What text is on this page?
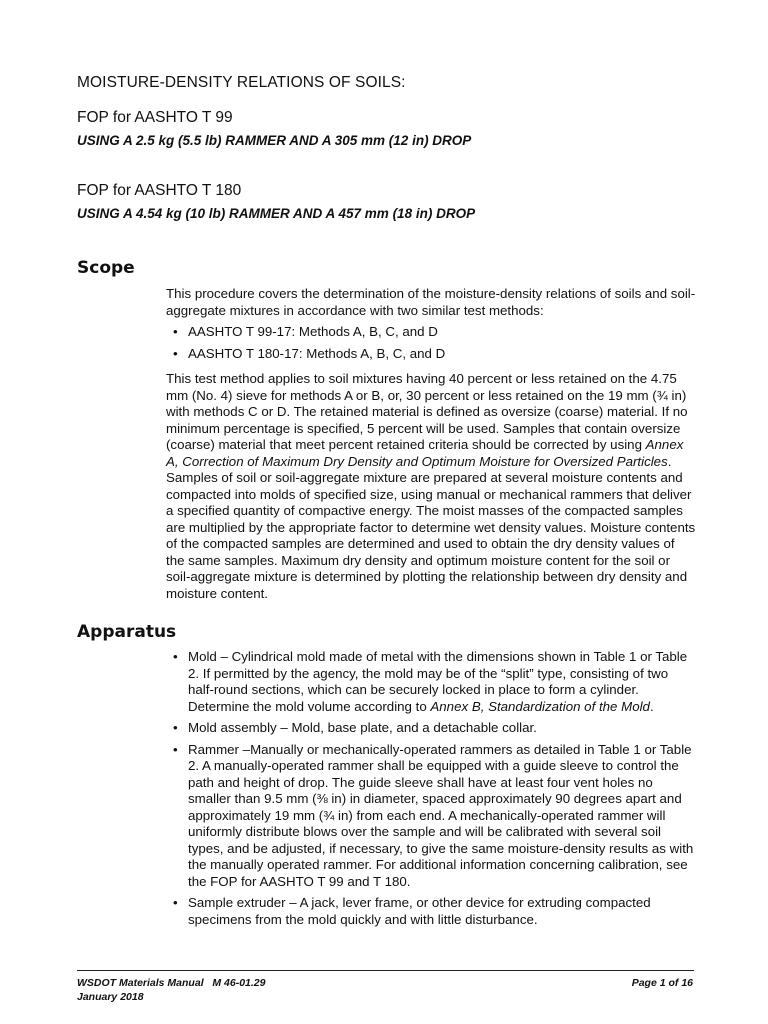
MOISTURE-DENSITY RELATIONS OF SOILS:
FOP for AASHTO T 99
USING A 2.5 kg (5.5 lb) RAMMER AND A 305 mm (12 in) DROP
FOP for AASHTO T 180
USING A 4.54 kg (10 lb) RAMMER AND A 457 mm (18 in) DROP
Scope

This procedure covers the determination of the moisture-density relations of soils and soil-aggregate mixtures in accordance with two similar test methods:

• AASHTO T 99-17: Methods A, B, C, and D
• AASHTO T 180-17: Methods A, B, C, and D

This test method applies to soil mixtures having 40 percent or less retained on the 4.75 mm (No. 4) sieve for methods A or B, or, 30 percent or less retained on the 19 mm (¾ in) with methods C or D. The retained material is defined as oversize (coarse) material. If no minimum percentage is specified, 5 percent will be used. Samples that contain oversize (coarse) material that meet percent retained criteria should be corrected by using Annex A, Correction of Maximum Dry Density and Optimum Moisture for Oversized Particles. Samples of soil or soil-aggregate mixture are prepared at several moisture contents and compacted into molds of specified size, using manual or mechanical rammers that deliver a specified quantity of compactive energy. The moist masses of the compacted samples are multiplied by the appropriate factor to determine wet density values. Moisture contents of the compacted samples are determined and used to obtain the dry density values of the same samples. Maximum dry density and optimum moisture content for the soil or soil-aggregate mixture is determined by plotting the relationship between dry density and moisture content.

Apparatus
• Mold – Cylindrical mold made of metal with the dimensions shown in Table 1 or Table 2. If permitted by the agency, the mold may be of the “split” type, consisting of two half-round sections, which can be securely locked in place to form a cylinder. Determine the mold volume according to Annex B, Standardization of the Mold.
• Mold assembly – Mold, base plate, and a detachable collar.
• Rammer –Manually or mechanically-operated rammers as detailed in Table 1 or Table 2. A manually-operated rammer shall be equipped with a guide sleeve to control the path and height of drop. The guide sleeve shall have at least four vent holes no smaller than 9.5 mm (⅜ in) in diameter, spaced approximately 90 degrees apart and approximately 19 mm (¾ in) from each end. A mechanically-operated rammer will uniformly distribute blows over the sample and will be calibrated with several soil types, and be adjusted, if necessary, to give the same moisture-density results as with the manually operated rammer. For additional information concerning calibration, see the FOP for AASHTO T 99 and T 180.
• Sample extruder – A jack, lever frame, or other device for extruding compacted specimens from the mold quickly and with little disturbance.
WSDOT Materials Manual   M 46-01.29
January 2018
Page 1 of 16
